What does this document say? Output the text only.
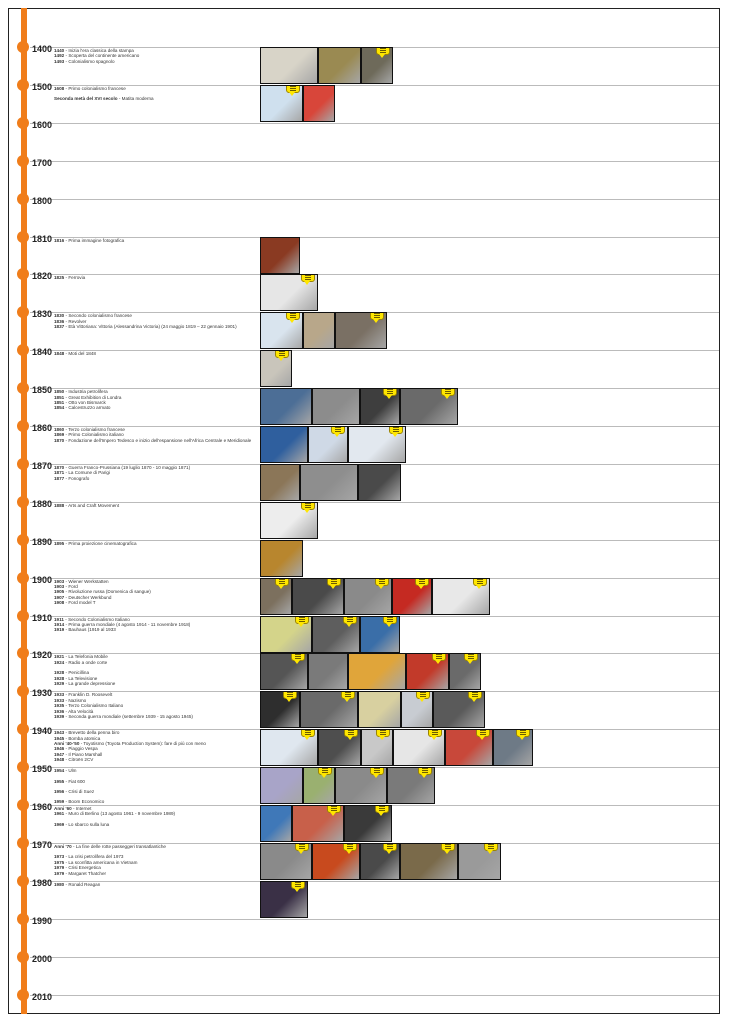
1400 1440 - Inizia l'era classica della stampa
1492 - Scoperta del continente americano
1493 - Colonialismo spagnolo
1500 1608 - Primo colonialismo francese
Seconda metà del XVI secolo - Matita moderna
1600
1700
1800
1810 1816 - Prima immagine fotografica
1820 1825 - Ferrovia
1830 1830 - Secondo colonialismo francese
1836 - Revolver
1837 - Età Vittoriana: Vittoria (Alessandrina Victoria) (24 maggio 1819 – 22 gennaio 1901)
1840 1848 - Moti del 1848
1850 1850 - Industria petrolifera
1851 - Great Exhibition di Londra
1851 - Otto von Bismarck
1854 - Calcestruzzo armato
1860 1860 - Terzo colonialismo francese
1869 - Primo Colonialismo italiano
1870 - Fondazione dell'Impero Tedesco e inizio dell'espansione nell'Africa Centrale e Meridionale
1870 1870 - Guerra Franco-Prussiana (19 luglio 1870 - 10 maggio 1871)
1871 - La Comune di Parigi
1877 - Fonografo
1880 1888 - Arts and Craft Movement
1890 1895 - Prima proiezione cinematografica
1900 1903 - Wiener Werkstatten
1903 - Ford
1905 - Rivoluzione russa (Domenica di sangue)
1907 - Deutscher Werkbund
1908 - Ford model T
1910 1911 - Secondo Colonialismo Italiano
1914 - Prima guerra mondiale (4 agosto 1914 - 11 novembre 1918)
1919 - Bauhaus (1919 al 1933
1920 1921 - La Telefonia Mobile
1924 - Radio a onde corte
1928 - Penicillina
1928 - La Televisione
1929 - La grande depressione
1930 1933 - Franklin D. Roosevelt
1933 - Nazismo
1935 - Terzo Colonialismo Italiano
1936 - Alta Velocità
1939 - Seconda guerra mondiale (settembre 1939 - 15 agosto 1945)
1940 1943 - Brevetto della penna biro
1945 - Bomba atomica
Anni '40-'50 - Toyotismo (Toyota Production System): fare di più con meno
1946 - Piaggio Vespa
1947 - Il Piano Marshall
1948 - Citroën 2CV
1950 1954 - Ulm
1955 - Fiat 600
1956 - Crisi di Suez
1959 - Boom Economico
1960 Anni '60 - Internet
1961 - Muro di Berlino (13 agosto 1961 - 9 novembre 1989)
1969 - Lo sbarco sulla luna
1970 Anni '70 - La fine delle rotte passeggeri transatlantiche
1973 - La crisi petrolifera del 1973
1975 - La sconfitta americana in Vietnam
1979 - Crisi Energetica
1979 - Margaret Thatcher
1980 1980 - Ronald Reagan
1990
2000
2010
